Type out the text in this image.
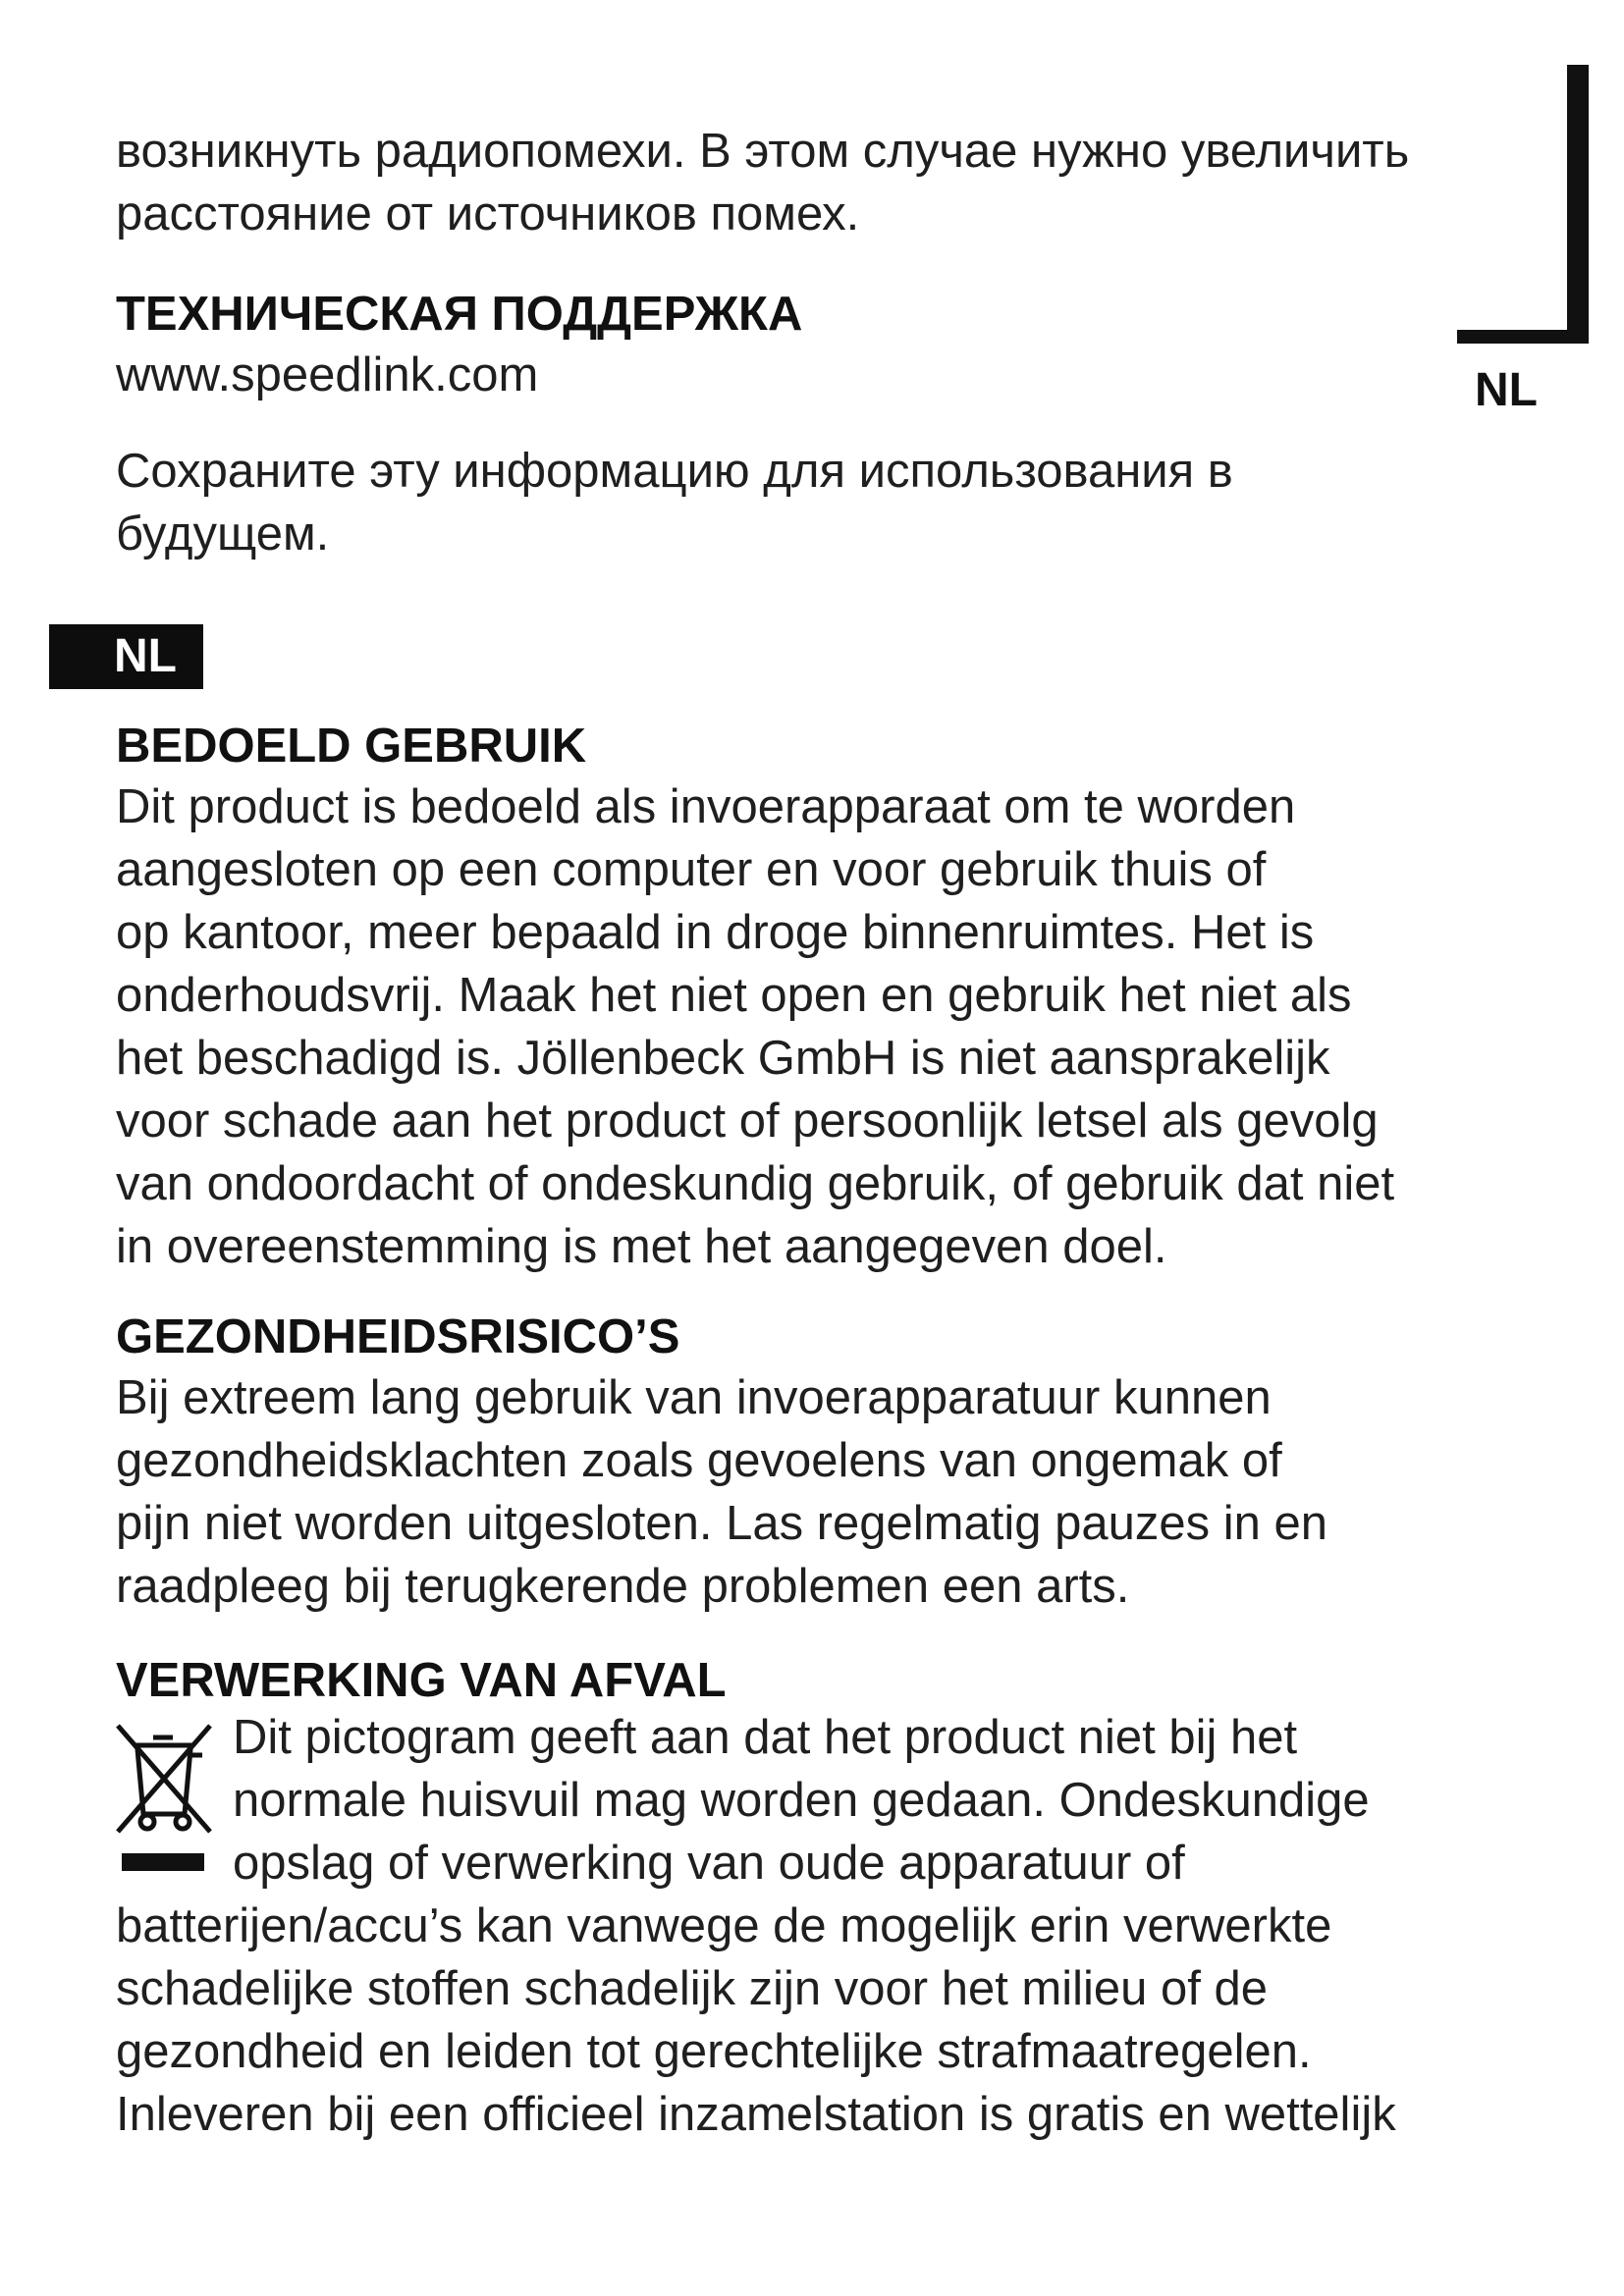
NL

возникнуть радиопомехи. В этом случае нужно увеличить
расстояние от источников помех.

ТЕХНИЧЕСКАЯ ПОДДЕРЖКА

www.speedlink.com

Сохраните эту информацию для использования в
будущем.

NL
BEDOELD GEBRUIK

Dit product is bedoeld als invoerapparaat om te worden
aangesloten op een computer en voor gebruik thuis of
op kantoor, meer bepaald in droge binnenruimtes. Het is
onderhoudsvrij. Maak het niet open en gebruik het niet als
het beschadigd is. Jöllenbeck GmbH is niet aansprakelijk
voor schade aan het product of persoonlijk letsel als gevolg
van ondoordacht of ondeskundig gebruik, of gebruik dat niet
in overeenstemming is met het aangegeven doel.

GEZONDHEIDSRISICO’S

Bij extreem lang gebruik van invoerapparatuur kunnen
gezondheidsklachten zoals gevoelens van ongemak of
pijn niet worden uitgesloten. Las regelmatig pauzes in en
raadpleeg bij terugkerende problemen een arts.

VERWERKING VAN AFVAL

Dit pictogram geeft aan dat het product niet bij het
normale huisvuil mag worden gedaan. Ondeskundige
opslag of verwerking van oude apparatuur of

batterijen/accu’s kan vanwege de mogelijk erin verwerkte
schadelijke stoffen schadelijk zijn voor het milieu of de
gezondheid en leiden tot gerechtelijke strafmaatregelen.
Inleveren bij een officieel inzamelstation is gratis en wettelijk
